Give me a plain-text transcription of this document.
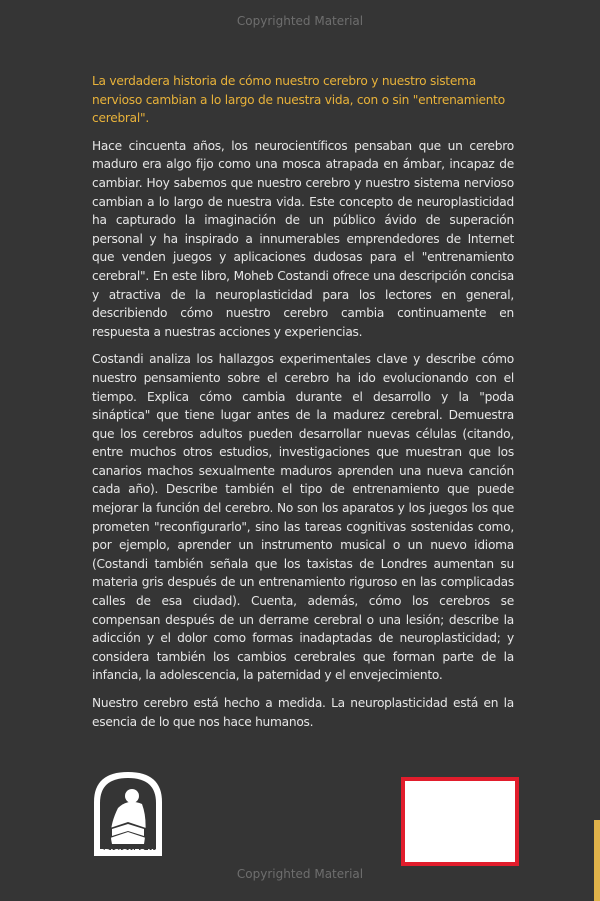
Copyrighted Material

La verdadera historia de cómo nuestro cerebro y nuestro sistema nervioso cambian a lo largo de nuestra vida, con o sin "entrenamiento cerebral".

Hace cincuenta años, los neurocientíficos pensaban que un cerebro maduro era algo fijo como una mosca atrapada en ámbar, incapaz de cambiar. Hoy sabemos que nuestro cerebro y nuestro sistema nervioso cambian a lo largo de nuestra vida. Este concepto de neuroplasticidad ha capturado la imaginación de un público ávido de superación personal y ha inspirado a innumerables emprendedores de Internet que venden juegos y aplicaciones dudosas para el "entrenamiento cerebral". En este libro, Moheb Costandi ofrece una descripción concisa y atractiva de la neuroplasticidad para los lectores en general, describiendo cómo nuestro cerebro cambia continuamente en respuesta a nuestras acciones y experiencias.

Costandi analiza los hallazgos experimentales clave y describe cómo nuestro pensamiento sobre el cerebro ha ido evolucionando con el tiempo. Explica cómo cambia durante el desarrollo y la "poda sináptica" que tiene lugar antes de la madurez cerebral. Demuestra que los cerebros adultos pueden desarrollar nuevas células (citando, entre muchos otros estudios, investigaciones que muestran que los canarios machos sexualmente maduros aprenden una nueva canción cada año). Describe también el tipo de entrenamiento que puede mejorar la función del cerebro. No son los aparatos y los juegos los que prometen "reconfigurarlo", sino las tareas cognitivas sostenidas como, por ejemplo, aprender un instrumento musical o un nuevo idioma (Costandi también señala que los taxistas de Londres aumentan su materia gris después de un entrenamiento riguroso en las complicadas calles de esa ciudad). Cuenta, además, cómo los cerebros se compensan después de un derrame cerebral o una lesión; describe la adicción y el dolor como formas inadaptadas de neuroplasticidad; y considera también los cambios cerebrales que forman parte de la infancia, la adolescencia, la paternidad y el envejecimiento.

Nuestro cerebro está hecho a medida. La neuroplasticidad está en la esencia de lo que nos hace humanos.

EDICIONES UC
Copyrighted Material
